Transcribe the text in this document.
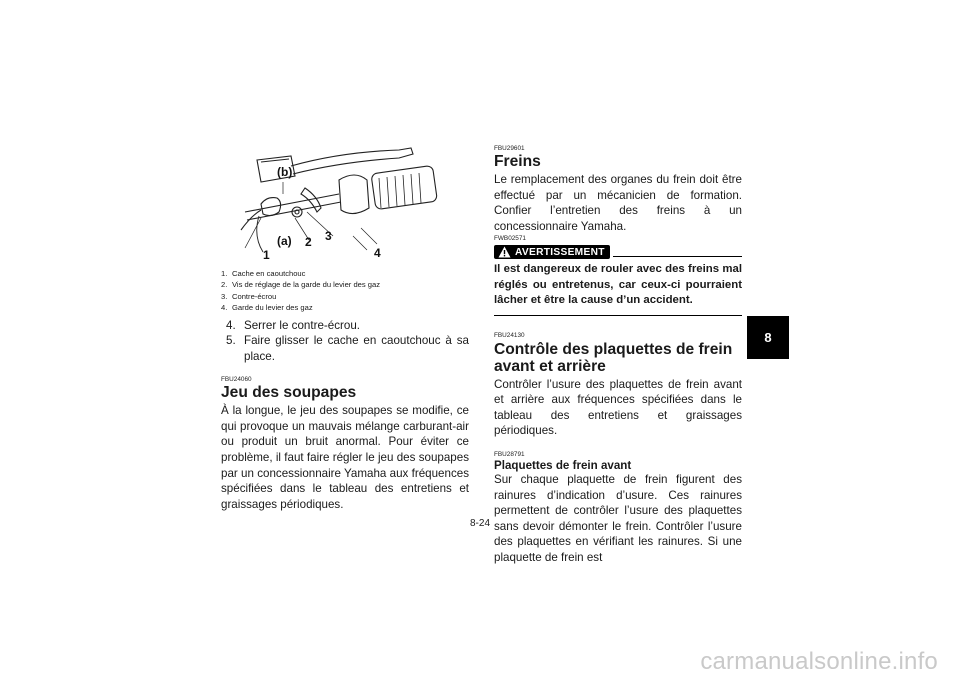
(b)
(a)
1
2 3
4
1. Cache en caoutchouc
2. Vis de réglage de la garde du levier des gaz
3. Contre-écrou
4. Garde du levier des gaz
4. Serrer le contre-écrou.
5. Faire glisser le cache en caoutchouc à sa place.
FBU24060
Jeu des soupapes
À la longue, le jeu des soupapes se modifie, ce qui provoque un mauvais mélange carburant-air ou produit un bruit anormal. Pour éviter ce problème, il faut faire régler le jeu des soupapes par un concessionnaire Yamaha aux fréquences spécifiées dans le tableau des entretiens et graissages périodiques.
FBU29601
Freins
Le remplacement des organes du frein doit être effectué par un mécanicien de formation. Confier l’entretien des freins à un concessionnaire Yamaha.
FWB02571
AVERTISSEMENT
Il est dangereux de rouler avec des freins mal réglés ou entretenus, car ceux-ci pourraient lâcher et être la cause d’un accident.
FBU24130
Contrôle des plaquettes de frein avant et arrière
Contrôler l’usure des plaquettes de frein avant et arrière aux fréquences spécifiées dans le tableau des entretiens et graissages périodiques.
FBU28791
Plaquettes de frein avant
Sur chaque plaquette de frein figurent des rainures d’indication d’usure. Ces rainures permettent de contrôler l’usure des plaquettes sans devoir démonter le frein. Contrôler l’usure des plaquettes en vérifiant les rainures. Si une plaquette de frein est
8
8-24
carmanualsonline.info
